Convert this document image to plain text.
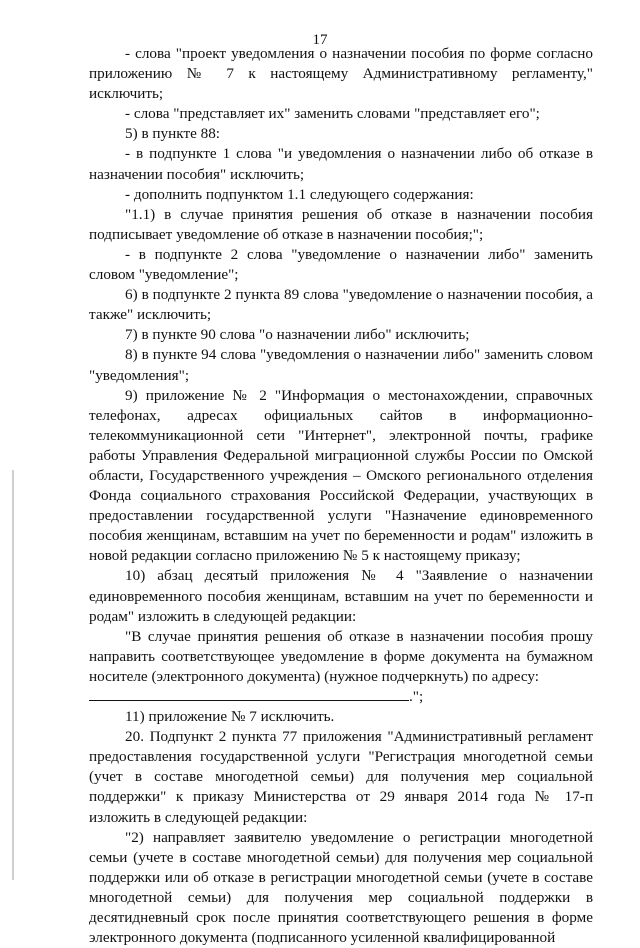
17

- слова "проект уведомления о назначении пособия по форме согласно приложению № 7 к настоящему Административному регламенту," исключить;

- слова "представляет их" заменить словами "представляет его";

5) в пункте 88:

- в подпункте 1 слова "и уведомления о назначении либо об отказе в назначении пособия" исключить;

- дополнить подпунктом 1.1 следующего содержания:

"1.1) в случае принятия решения об отказе в назначении пособия подписывает уведомление об отказе в назначении пособия;";

- в подпункте 2 слова "уведомление о назначении либо" заменить словом "уведомление";

6) в подпункте 2 пункта 89 слова "уведомление о назначении пособия, а также" исключить;

7) в пункте 90 слова "о назначении либо" исключить;

8) в пункте 94 слова "уведомления о назначении либо" заменить словом "уведомления";

9) приложение № 2 "Информация о местонахождении, справочных телефонах, адресах официальных сайтов в информационно-телекоммуникационной сети "Интернет", электронной почты, графике работы Управления Федеральной миграционной службы России по Омской области, Государственного учреждения – Омского регионального отделения Фонда социального страхования Российской Федерации, участвующих в предоставлении государственной услуги "Назначение единовременного пособия женщинам, вставшим на учет по беременности и родам" изложить в новой редакции согласно приложению № 5 к настоящему приказу;

10) абзац десятый приложения № 4 "Заявление о назначении единовременного пособия женщинам, вставшим на учет по беременности и родам" изложить в следующей редакции:

"В случае принятия решения об отказе в назначении пособия прошу направить соответствующее уведомление в форме документа на бумажном носителе (электронного документа) (нужное подчеркнуть) по адресу:

.";

11) приложение № 7 исключить.

20. Подпункт 2 пункта 77 приложения "Административный регламент предоставления государственной услуги "Регистрация многодетной семьи (учет в составе многодетной семьи) для получения мер социальной поддержки" к приказу Министерства от 29 января 2014 года № 17-п изложить в следующей редакции:

"2) направляет заявителю уведомление о регистрации многодетной семьи (учете в составе многодетной семьи) для получения мер социальной поддержки или об отказе в регистрации многодетной семьи (учете в составе многодетной семьи) для получения мер социальной поддержки в десятидневный срок после принятия соответствующего решения в форме электронного документа (подписанного усиленной квалифицированной
